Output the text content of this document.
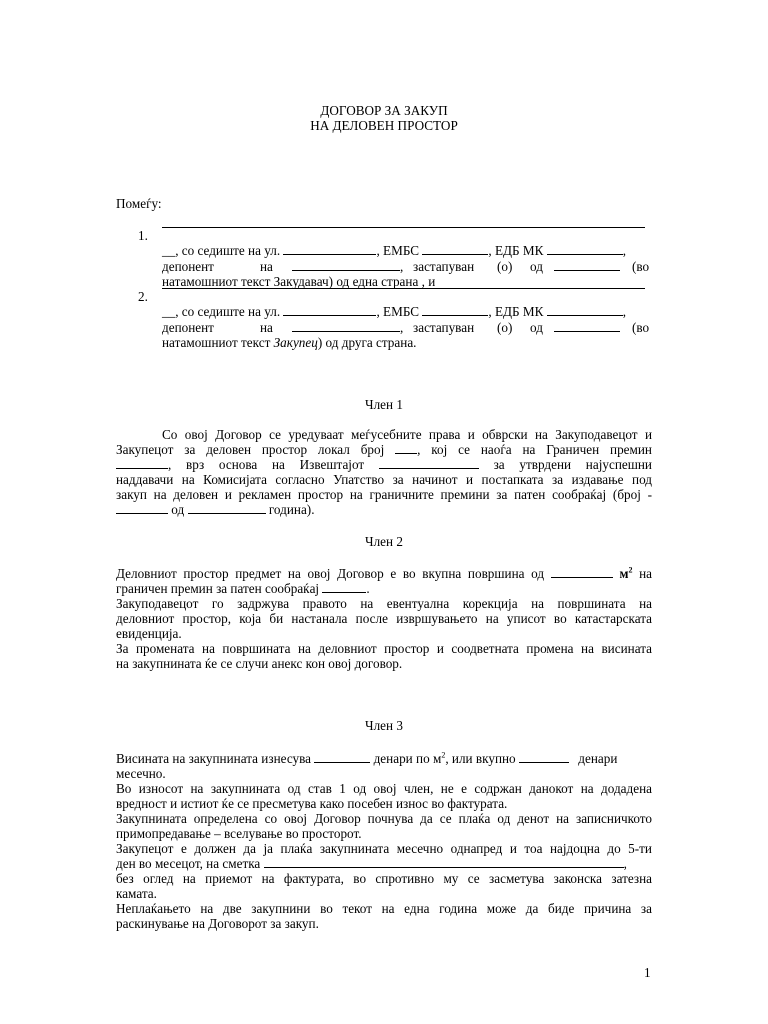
ДОГОВОР ЗА ЗАКУП
НА ДЕЛОВЕН ПРОСТОР
Помеѓу:
1.
__, со седиште на ул.	, ЕМБС	, ЕДБ МК	,
депонент	на	, застапуван (о) од	(во
натамошниот текст Закудавач) од една страна , и
2.
__, со седиште на ул.	, ЕМБС	, ЕДБ МК	,
депонент	на	, застапуван (о) од	(во
натамошниот текст Закупец) од друга страна.
Член 1
Со овој Договор се уредуваат меѓусебните права и обврски на Закуподавецот и
Закупецот за деловен простор локал број , кој се наоѓа на Граничен премин
, врз основа на Извештајот	за утврдени најуспешни
наддавачи на Комисијата согласно Упатство за начинот и постапката за издавање под
закуп на деловен и рекламен простор на граничните премини за патен сообраќај (број -
од	година).
Член 2
Деловниот простор предмет на овој Договор е во вкупна површина од	$м^2$ на
граничен премин за патен сообраќај	.
Закуподавецот го задржува правото на евентуална корекција на површината на
деловниот простор, која би настанала после извршувањето на уписот во катастарската
евиденција.
За промената на површината на деловниот простор и соодветната промена на висината
на закупнината ќе се случи анекс кон овој договор.
Член 3
Висината на закупнината изнесува	денари по $м^2$, или вкупно	денари
месечно.
Во износот на закупнината од став 1 од овој член, не е содржан данокот на додадена
вредност и истиот ќе се пресметува како посебен износ во фактурата.
Закупнината определена со овој Договор почнува да се плаќа од денот на записничкото
примопредавање – вселување во просторот.
Закупецот е должен да ја плаќа закупнината месечно однапред и тоа најдоцна до 5-ти
ден во месецот, на сметка	,
без оглед на приемот на фактурата, во спротивно му се засметува законска затезна
камата.
Неплаќањето на две закупнини во текот на една година може да биде причина за
раскинување на Договорот за закуп.
1
